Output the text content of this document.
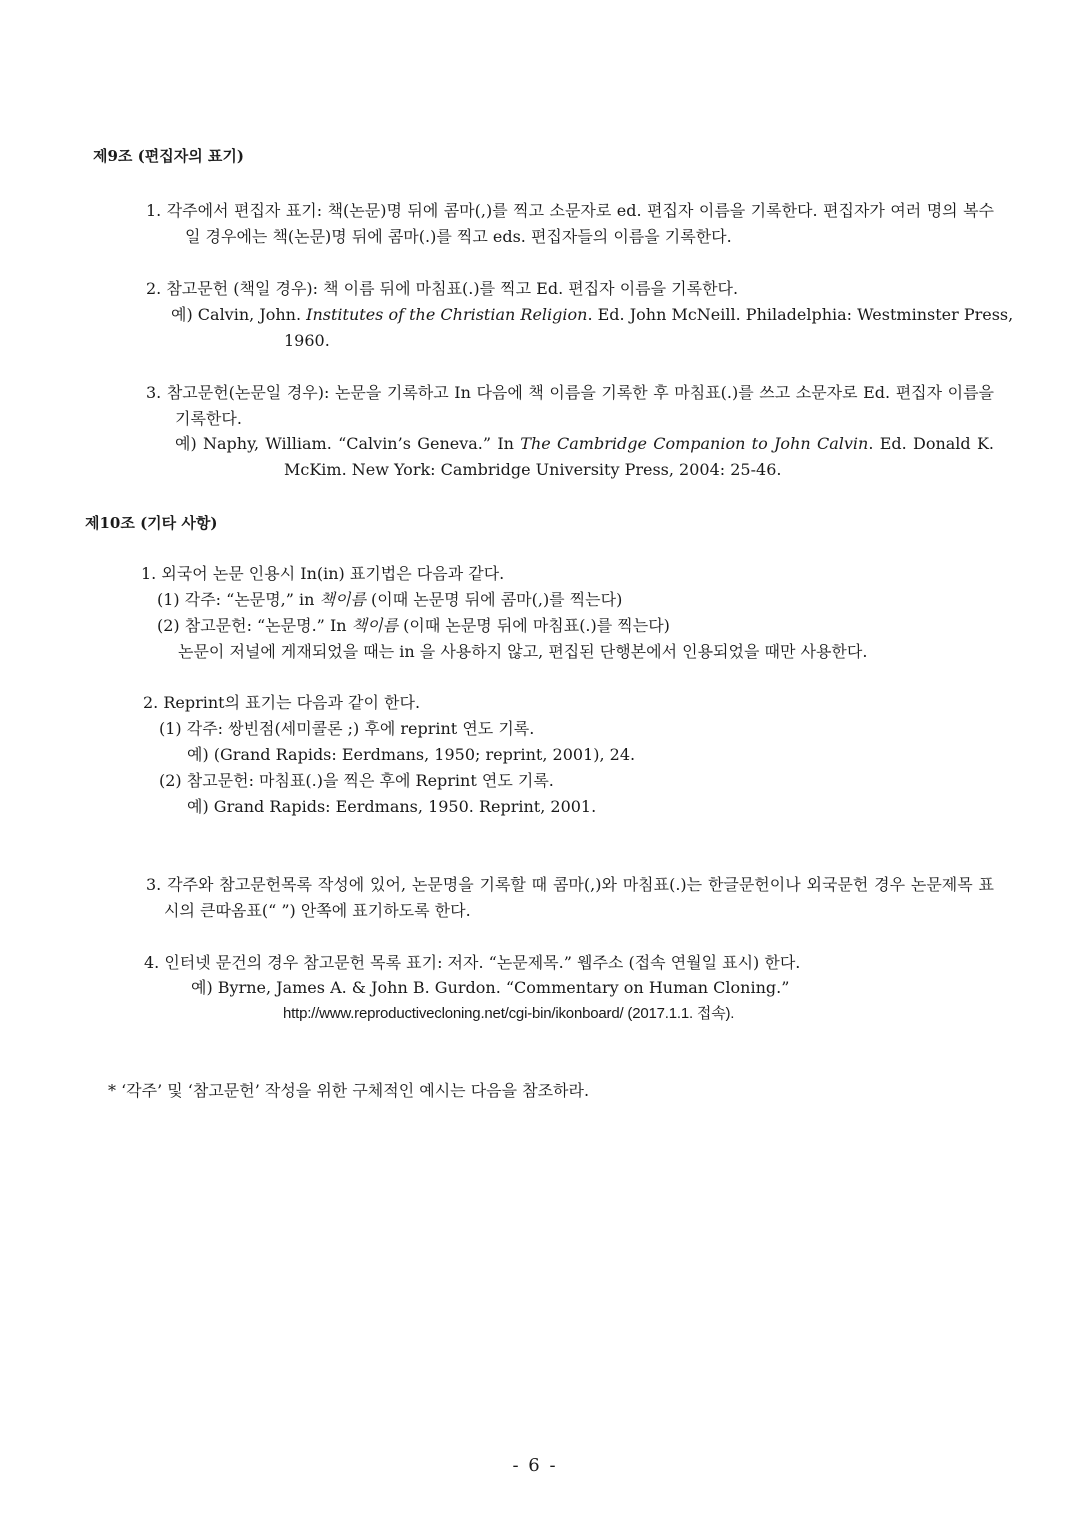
제9조 (편집자의 표기)
1. 각주에서 편집자 표기: 책(논문)명 뒤에 콤마(,)를 찍고 소문자로 ed. 편집자 이름을 기록한다. 편집자가 여러 명의 복수
일 경우에는 책(논문)명 뒤에 콤마(.)를 찍고 eds. 편집자들의 이름을 기록한다.
2. 참고문헌 (책일 경우): 책 이름 뒤에 마침표(.)를 찍고 Ed. 편집자 이름을 기록한다.
예) Calvin, John. Institutes of the Christian Religion. Ed. John McNeill. Philadelphia: Westminster Press,
1960.
3. 참고문헌(논문일 경우): 논문을 기록하고 In 다음에 책 이름을 기록한 후 마침표(.)를 쓰고 소문자로 Ed. 편집자 이름을
기록한다.
예) Naphy, William. “Calvin’s Geneva.” In The Cambridge Companion to John Calvin. Ed. Donald K.
McKim. New York: Cambridge University Press, 2004: 25-46.
제10조 (기타 사항)
1. 외국어 논문 인용시 In(in) 표기법은 다음과 같다.
(1) 각주: “논문명,” in 책이름 (이때 논문명 뒤에 콤마(,)를 찍는다)
(2) 참고문헌: “논문명.” In 책이름 (이때 논문명 뒤에 마침표(.)를 찍는다)
논문이 저널에 게재되었을 때는 in 을 사용하지 않고, 편집된 단행본에서 인용되었을 때만 사용한다.
2. Reprint의 표기는 다음과 같이 한다.
(1) 각주: 쌍빈점(세미콜론 ;) 후에 reprint 연도 기록.
예) (Grand Rapids: Eerdmans, 1950; reprint, 2001), 24.
(2) 참고문헌: 마침표(.)을 찍은 후에 Reprint 연도 기록.
예) Grand Rapids: Eerdmans, 1950. Reprint, 2001.
3. 각주와 참고문헌목록 작성에 있어, 논문명을 기록할 때 콤마(,)와 마침표(.)는 한글문헌이나 외국문헌 경우 논문제목 표
시의 큰따옴표(“ ”) 안쪽에 표기하도록 한다.
4. 인터넷 문건의 경우 참고문헌 목록 표기: 저자. “논문제목.” 웹주소 (접속 연월일 표시) 한다.
예) Byrne, James A. & John B. Gurdon. “Commentary on Human Cloning.”
http://www.reproductivecloning.net/cgi-bin/ikonboard/ (2017.1.1. 접속).
* ‘각주’ 및 ‘참고문헌’ 작성을 위한 구체적인 예시는 다음을 참조하라.
- 6 -
